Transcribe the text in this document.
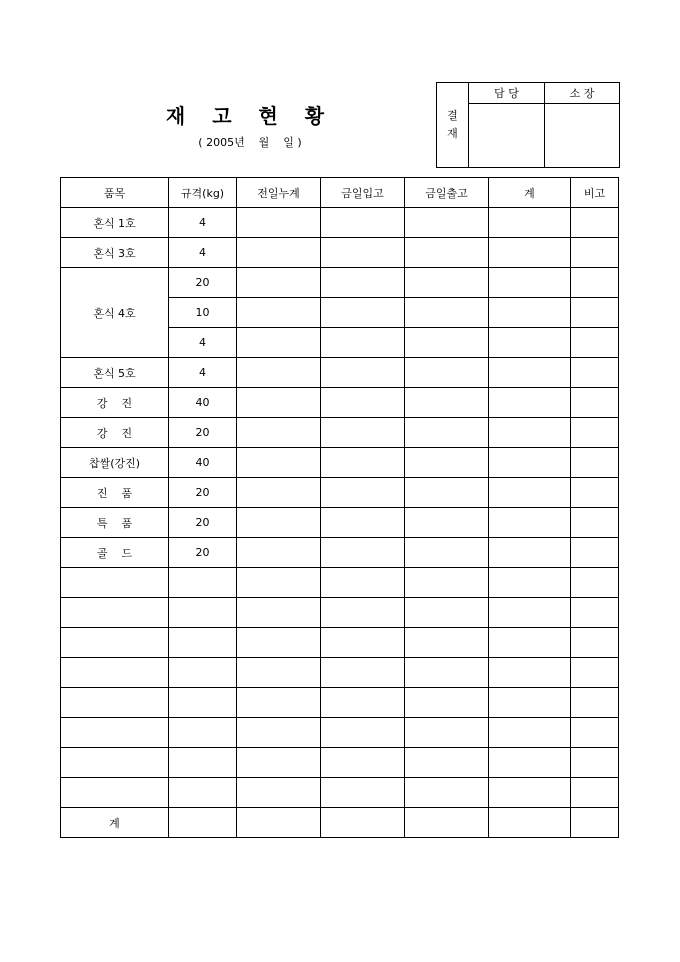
재 고 현 황
( 2005년    월    일 )
결
재	담 당	소 장

품목	규격(kg)	전일누계	금일입고	금일출고	계	비고
혼식 1호	4					
혼식 3호	4					
혼식 4호	20					
	10					
	4					
혼식 5호	4					
강    진	40					
강    진	20					
찹쌀(강진)	40					
진    품	20					
특    품	20					
골    드	20					

계						
